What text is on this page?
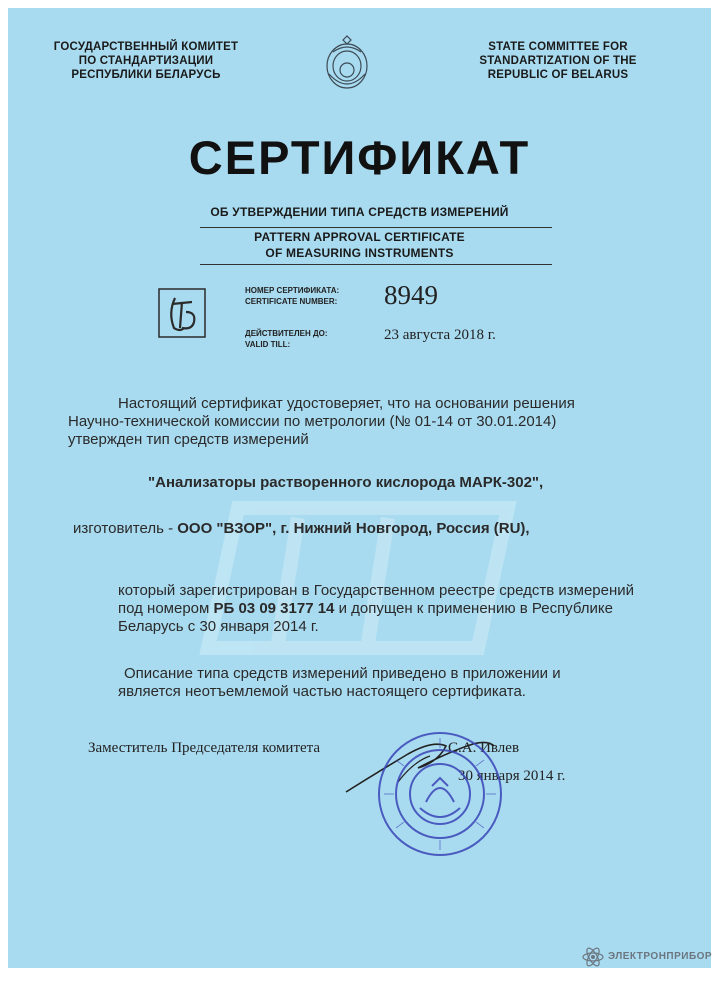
ГОСУДАРСТВЕННЫЙ КОМИТЕТ
ПО СТАНДАРТИЗАЦИИ
РЕСПУБЛИКИ БЕЛАРУСЬ
STATE COMMITTEE FOR
STANDARTIZATION OF THE
REPUBLIC OF BELARUS
СЕРТИФИКАТ
ОБ УТВЕРЖДЕНИИ ТИПА СРЕДСТВ ИЗМЕРЕНИЙ
PATTERN APPROVAL CERTIFICATE
OF MEASURING INSTRUMENTS
НОМЕР СЕРТИФИКАТА:
CERTIFICATE NUMBER: 8949
ДЕЙСТВИТЕЛЕН ДО:
VALID TILL:
23 августа 2018 г.
Настоящий сертификат удостоверяет, что на основании решения
Научно-технической комиссии по метрологии (№ 01-14 от 30.01.2014)
утвержден тип средств измерений
"Анализаторы растворенного кислорода МАРК-302",
изготовитель - ООО "ВЗОР", г. Нижний Новгород, Россия (RU),
который зарегистрирован в Государственном реестре средств измерений
под номером РБ 03 09 3177 14 и допущен к применению в Республике
Беларусь с 30 января 2014 г.
Описание типа средств измерений приведено в приложении и
является неотъемлемой частью настоящего сертификата.
Заместитель Председателя комитета	С.А. Ивлев
30 января 2014 г.
ЭЛЕКТРОНПРИБОР
